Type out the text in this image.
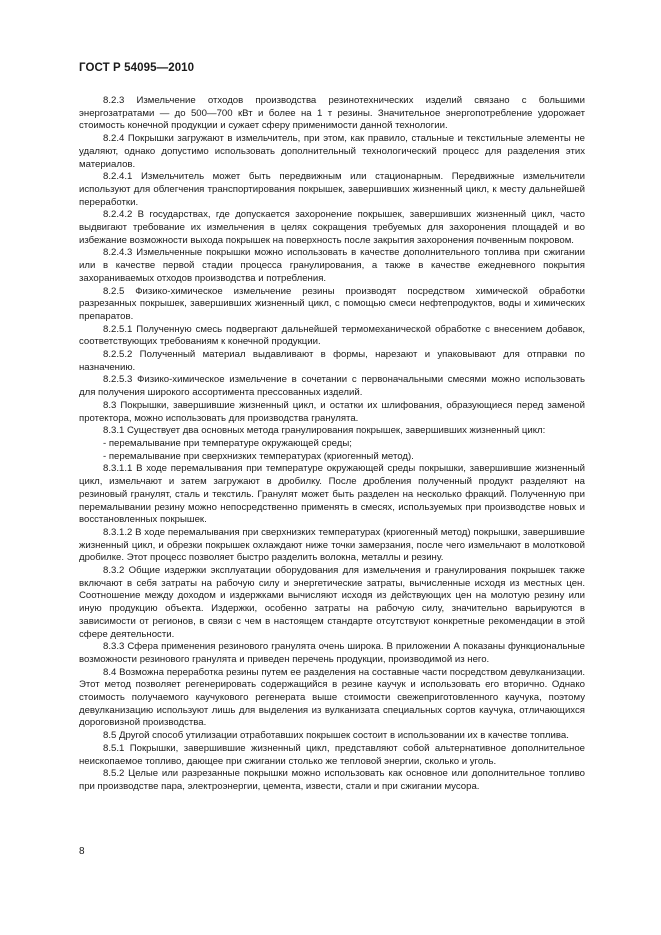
ГОСТ Р 54095—2010

8.2.3 Измельчение отходов производства резинотехнических изделий связано с большими энергозатратами — до 500—700 кВт и более на 1 т резины. Значительное энергопотребление удорожает стоимость конечной продукции и сужает сферу применимости данной технологии.

8.2.4 Покрышки загружают в измельчитель, при этом, как правило, стальные и текстильные элементы не удаляют, однако допустимо использовать дополнительный технологический процесс для разделения этих материалов.

8.2.4.1 Измельчитель может быть передвижным или стационарным. Передвижные измельчители используют для облегчения транспортирования покрышек, завершивших жизненный цикл, к месту дальнейшей переработки.

8.2.4.2 В государствах, где допускается захоронение покрышек, завершивших жизненный цикл, часто выдвигают требование их измельчения в целях сокращения требуемых для захоронения площадей и во избежание возможности выхода покрышек на поверхность после закрытия захоронения почвенным покровом.

8.2.4.3 Измельченные покрышки можно использовать в качестве дополнительного топлива при сжигании или в качестве первой стадии процесса гранулирования, а также в качестве ежедневного покрытия захораниваемых отходов производства и потребления.

8.2.5 Физико-химическое измельчение резины производят посредством химической обработки разрезанных покрышек, завершивших жизненный цикл, с помощью смеси нефтепродуктов, воды и химических препаратов.

8.2.5.1 Полученную смесь подвергают дальнейшей термомеханической обработке с внесением добавок, соответствующих требованиям к конечной продукции.

8.2.5.2 Полученный материал выдавливают в формы, нарезают и упаковывают для отправки по назначению.

8.2.5.3 Физико-химическое измельчение в сочетании с первоначальными смесями можно использовать для получения широкого ассортимента прессованных изделий.

8.3 Покрышки, завершившие жизненный цикл, и остатки их шлифования, образующиеся перед заменой протектора, можно использовать для производства гранулята.

8.3.1 Существует два основных метода гранулирования покрышек, завершивших жизненный цикл:

- перемалывание при температуре окружающей среды;

- перемалывание при сверхнизких температурах (криогенный метод).

8.3.1.1 В ходе перемалывания при температуре окружающей среды покрышки, завершившие жизненный цикл, измельчают и затем загружают в дробилку. После дробления полученный продукт разделяют на резиновый гранулят, сталь и текстиль. Гранулят может быть разделен на несколько фракций. Полученную при перемалывании резину можно непосредственно применять в смесях, используемых при производстве новых и восстановленных покрышек.

8.3.1.2 В ходе перемалывания при сверхнизких температурах (криогенный метод) покрышки, завершившие жизненный цикл, и обрезки покрышек охлаждают ниже точки замерзания, после чего измельчают в молотковой дробилке. Этот процесс позволяет быстро разделить волокна, металлы и резину.

8.3.2 Общие издержки эксплуатации оборудования для измельчения и гранулирования покрышек также включают в себя затраты на рабочую силу и энергетические затраты, вычисленные исходя из местных цен. Соотношение между доходом и издержками вычисляют исходя из действующих цен на молотую резину или иную продукцию объекта. Издержки, особенно затраты на рабочую силу, значительно варьируются в зависимости от регионов, в связи с чем в настоящем стандарте отсутствуют конкретные рекомендации в этой сфере деятельности.

8.3.3 Сфера применения резинового гранулята очень широка. В приложении А показаны функциональные возможности резинового гранулята и приведен перечень продукции, производимой из него.

8.4 Возможна переработка резины путем ее разделения на составные части посредством девулканизации. Этот метод позволяет регенерировать содержащийся в резине каучук и использовать его вторично. Однако стоимость получаемого каучукового регенерата выше стоимости свежеприготовленного каучука, поэтому девулканизацию используют лишь для выделения из вулканизата специальных сортов каучука, отличающихся дороговизной производства.

8.5 Другой способ утилизации отработавших покрышек состоит в использовании их в качестве топлива.

8.5.1 Покрышки, завершившие жизненный цикл, представляют собой альтернативное дополнительное неископаемое топливо, дающее при сжигании столько же тепловой энергии, сколько и уголь.

8.5.2 Целые или разрезанные покрышки можно использовать как основное или дополнительное топливо при производстве пара, электроэнергии, цемента, извести, стали и при сжигании мусора.

8
